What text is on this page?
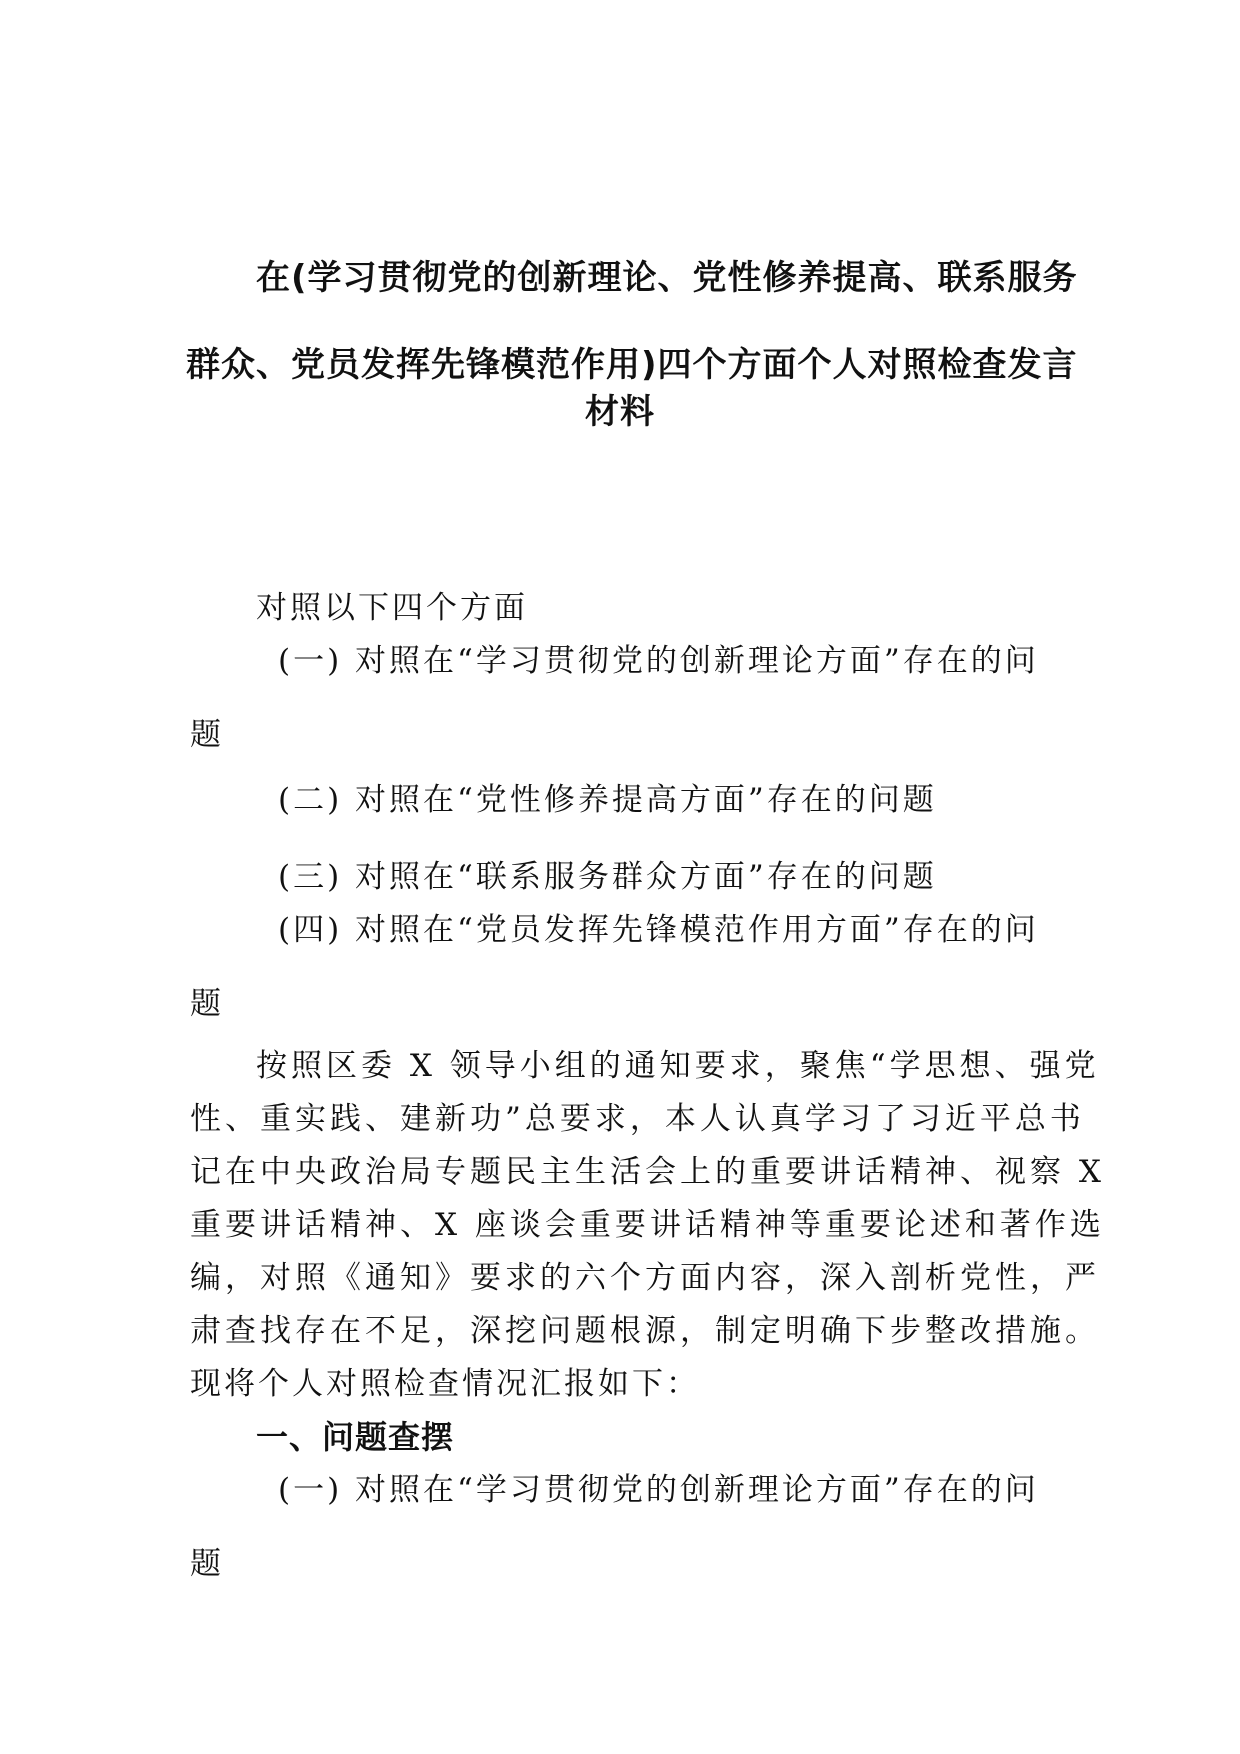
在(学习贯彻党的创新理论、党性修养提高、联系服务
群众、党员发挥先锋模范作用)四个方面个人对照检查发言
材料
对照以下四个方面
(一) 对照在“学习贯彻党的创新理论方面”存在的问
题
(二) 对照在“党性修养提高方面”存在的问题
(三) 对照在“联系服务群众方面”存在的问题
(四) 对照在“党员发挥先锋模范作用方面”存在的问
题
按照区委 X 领导小组的通知要求，聚焦“学思想、强党
性、重实践、建新功”总要求，本人认真学习了习近平总书
记在中央政治局专题民主生活会上的重要讲话精神、视察 X
重要讲话精神、X 座谈会重要讲话精神等重要论述和著作选
编，对照《通知》要求的六个方面内容，深入剖析党性，严
肃查找存在不足，深挖问题根源，制定明确下步整改措施。
现将个人对照检查情况汇报如下：
一、问题查摆
(一) 对照在“学习贯彻党的创新理论方面”存在的问
题
